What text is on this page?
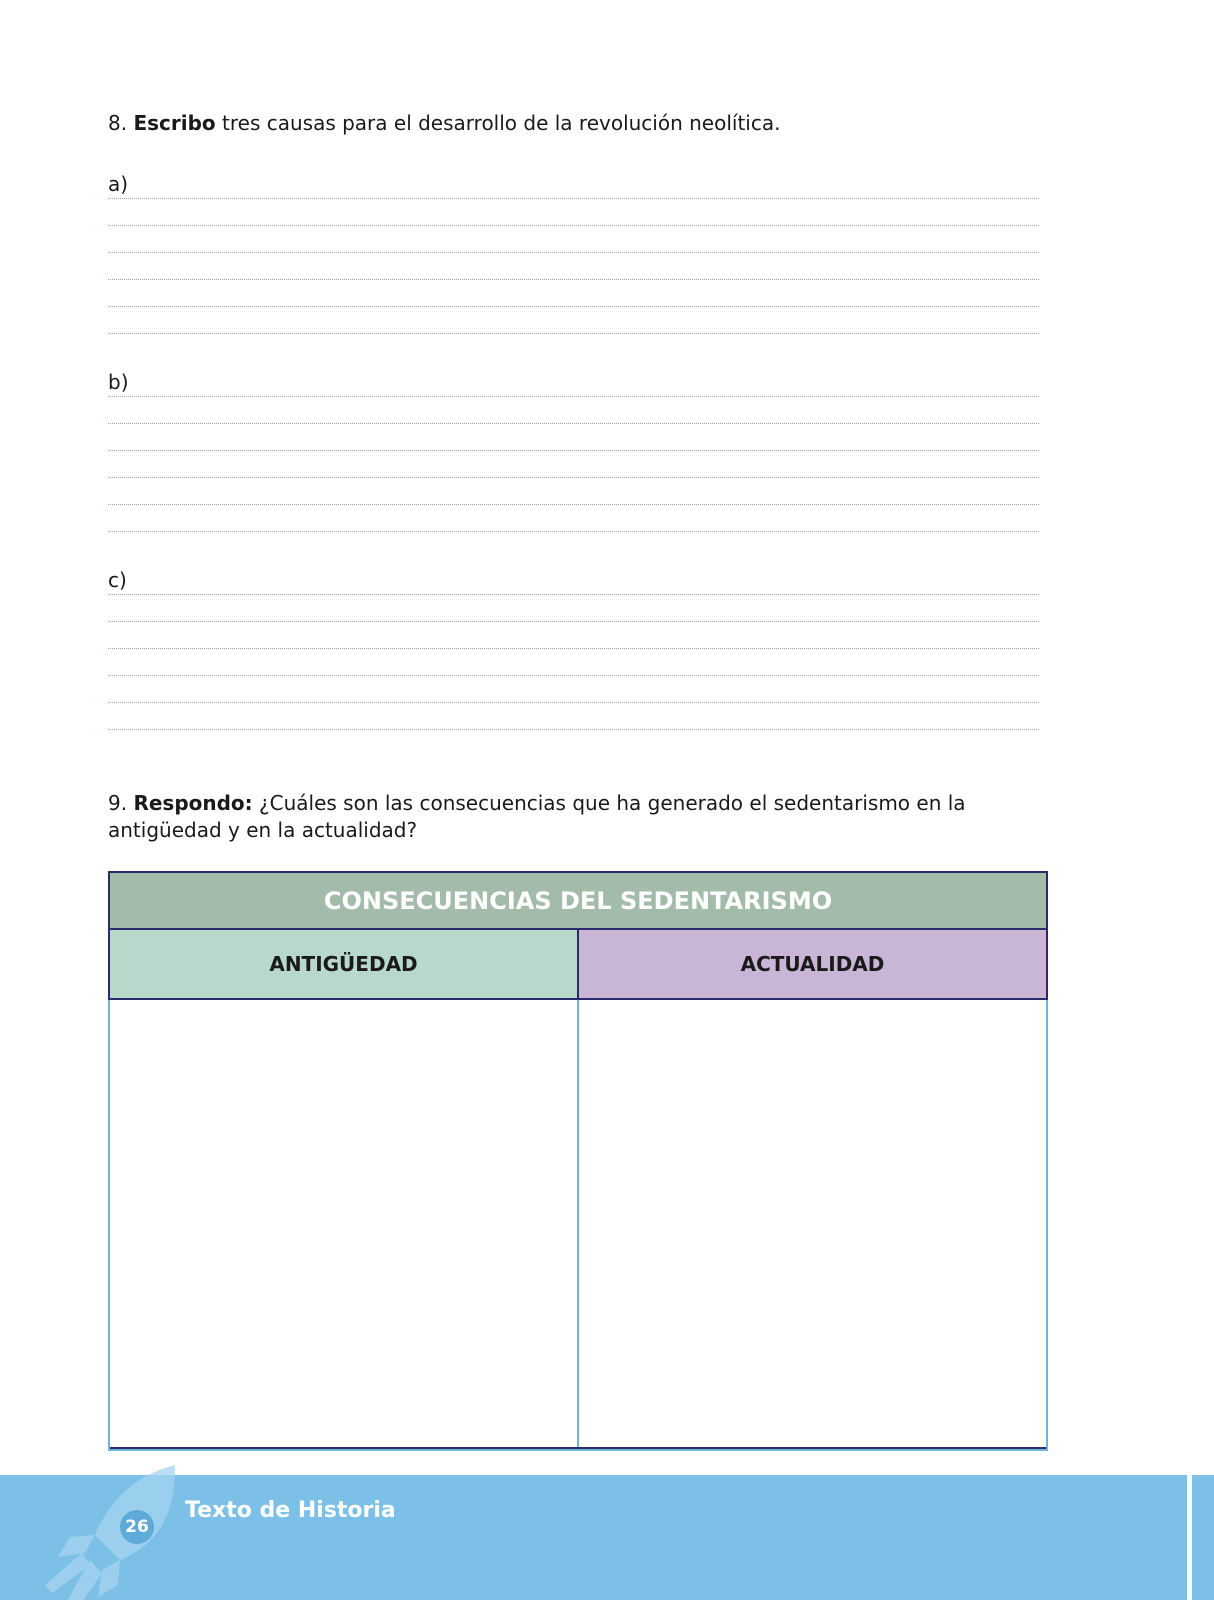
8. Escribo tres causas para el desarrollo de la revolución neolítica.
a)
b)
c)
9. Respondo: ¿Cuáles son las consecuencias que ha generado el sedentarismo en la antigüedad y en la actualidad?
CONSECUENCIAS DEL SEDENTARISMO
ANTIGÜEDAD	ACTUALIDAD
26
Texto de Historia
